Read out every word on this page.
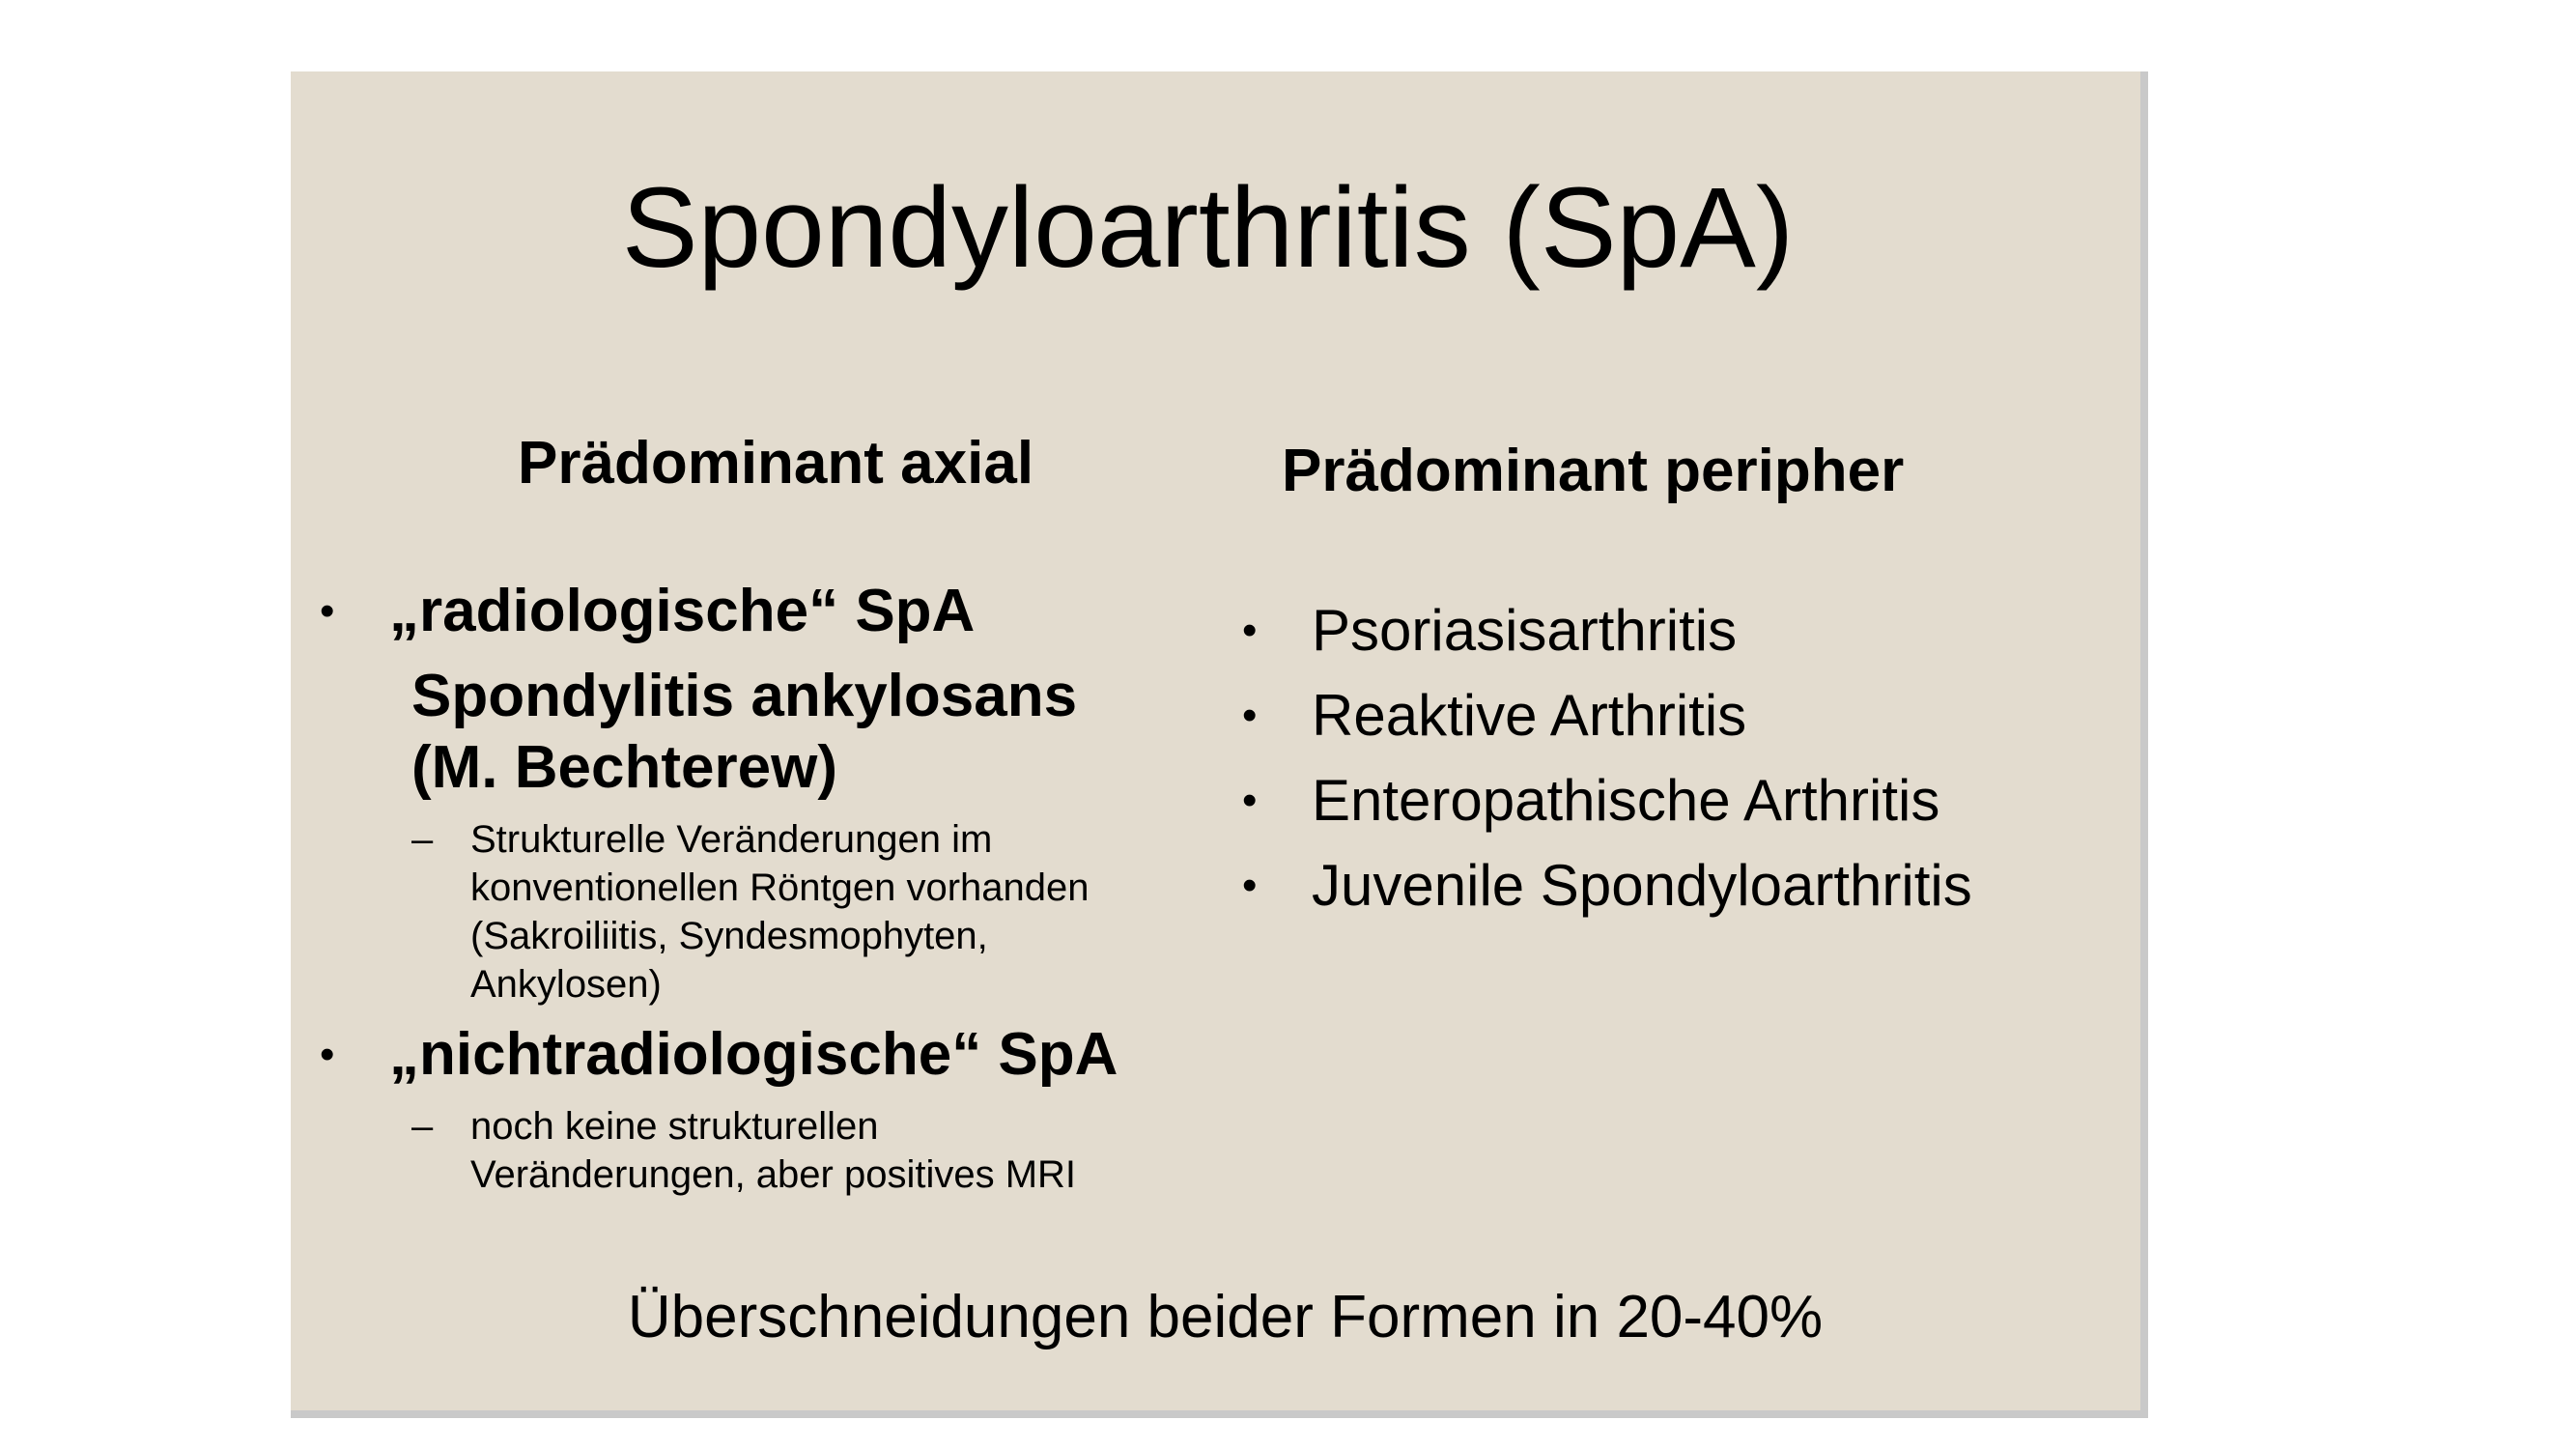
Spondyloarthritis (SpA)
Prädominant axial	Prädominant peripher
• „radiologische“ SpA
Spondylitis ankylosans
(M. Bechterew)
– Strukturelle Veränderungen im
konventionellen Röntgen vorhanden
(Sakroiliitis, Syndesmophyten,
Ankylosen)
• „nichtradiologische“ SpA
– noch keine strukturellen
Veränderungen, aber positives MRI
• Psoriasisarthritis
• Reaktive Arthritis
• Enteropathische Arthritis
• Juvenile Spondyloarthritis
Überschneidungen beider Formen in 20-40%
